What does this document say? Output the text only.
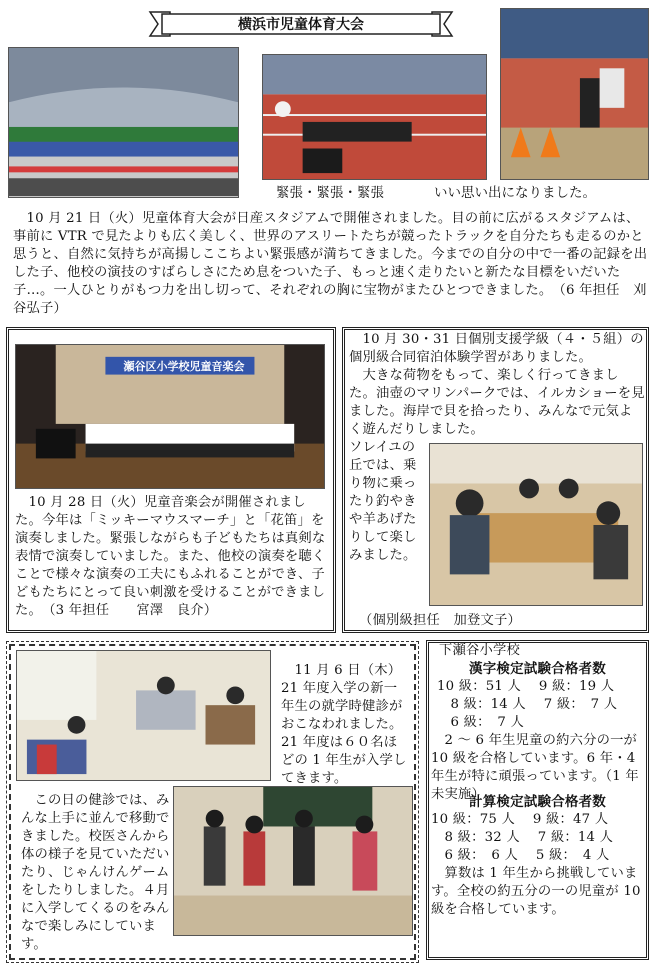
横浜市児童体育大会
緊張・緊張・緊張	いい思い出になりました。
　10 月 21 日（火）児童体育大会が日産スタジアムで開催されました。目の前に広がるスタジアムは、事前に VTR で見たよりも広く美しく、世界のアスリートたちが競ったトラックを自分たちも走るのかと思うと、自然に気持ちが高揚しここちよい緊張感が満ちてきました。今までの自分の中で一番の記録を出した子、他校の演技のすばらしさにため息をついた子、もっと速く走りたいと新たな目標をいだいた子…。一人ひとりがもつ力を出し切って、それぞれの胸に宝物がまたひとつできました。　（6 年担任　刈谷弘子）
瀬谷区小学校児童音楽会
　10 月 28 日（火）児童音楽会が開催されました。今年は「ミッキーマウスマーチ」と「花笛」を演奏しました。緊張しながらも子どもたちは真剣な表情で演奏していました。また、他校の演奏を聴くことで様々な演奏の工夫にもふれることができ、子どもたちにとって良い刺激を受けることができました。　（3 年担任　　宮澤　良介）
　10 月 30・31 日個別支援学級（４・５組）の個別級合同宿泊体験学習がありました。
　大きな荷物をもって、楽しく行ってきました。油壺のマリンパークでは、イルカショーを見ました。海岸で貝を拾ったり、みんなで元気よく遊んだりしました。
ソレイユの丘では、乗り物に乗ったり釣やきや羊あげたりして楽しみました。
（個別級担任　加登文子）
　11 月 6 日（木）21 年度入学の新一年生の就学時健診がおこなわれました。21 年度は６０名ほどの 1 年生が入学してきます。
　この日の健診では、みんな上手に並んで移動できました。校医さんから体の様子を見ていただいたり、じゃんけんゲームをしたりしました。４月に入学してくるのをみんなで楽しみにしています。
下瀬谷小学校
漢字検定試験合格者数
10 級：51 人　 9 級：19 人
　8 級：14 人　 7 級：　7 人
　6 級：　7 人
　2 ～ 6 年生児童の約六分の一が 10 級を合格しています。6 年・4 年生が特に頑張っています。（1 年未実施）
計算検定試験合格者数
10 級：75 人　 9 級：47 人
　8 級：32 人　 7 級：14 人
　6 級：　6 人　 5 級：　4 人
　算数は 1 年生から挑戦しています。全校の約五分の一の児童が 10 級を合格しています。
